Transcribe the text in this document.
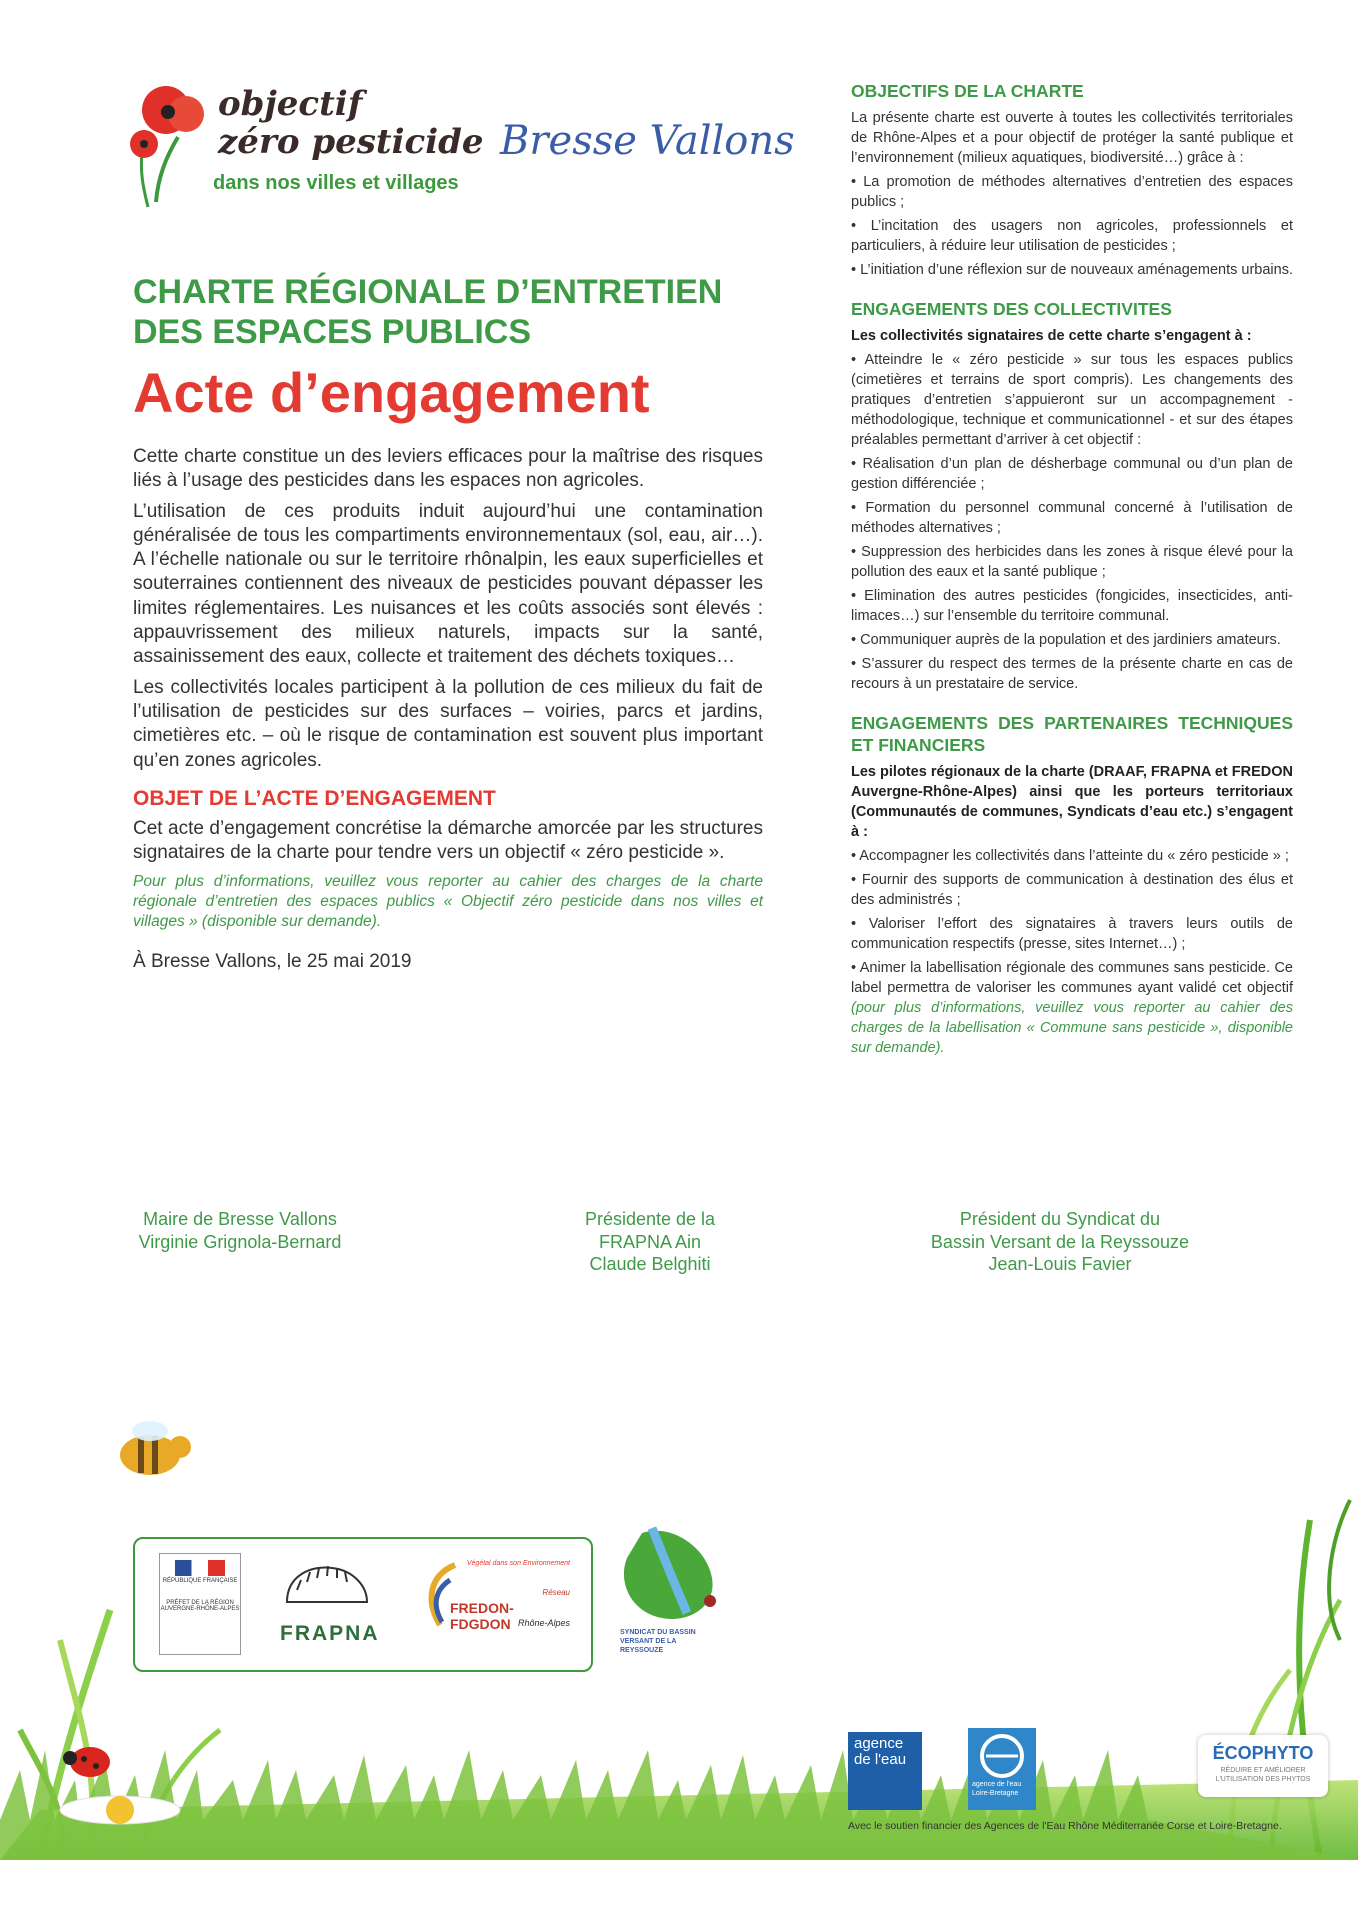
objectif
zéro pesticide
dans nos villes et villages
Bresse Vallons
CHARTE RÉGIONALE D’ENTRETIEN
DES ESPACES PUBLICS
Acte d’engagement

Cette charte constitue un des leviers efficaces pour la maîtrise des risques liés à l’usage des pesticides dans les espaces non agricoles.

L’utilisation de ces produits induit aujourd’hui une contamination généralisée de tous les compartiments environnementaux (sol, eau, air…). A l’échelle nationale ou sur le territoire rhônalpin, les eaux superficielles et souterraines contiennent des niveaux de pesticides pouvant dépasser les limites réglementaires. Les nuisances et les coûts associés sont élevés : appauvrissement des milieux naturels, impacts sur la santé, assainissement des eaux, collecte et traitement des déchets toxiques…

Les collectivités locales participent à la pollution de ces milieux du fait de l’utilisation de pesticides sur des surfaces – voiries, parcs et jardins, cimetières etc. – où le risque de contamination est souvent plus important qu’en zones agricoles.

OBJET DE L’ACTE D’ENGAGEMENT

Cet acte d’engagement concrétise la démarche amorcée par les structures signataires de la charte pour tendre vers un objectif « zéro pesticide ».

Pour plus d’informations, veuillez vous reporter au cahier des charges de la charte régionale d’entretien des espaces publics « Objectif zéro pesticide dans nos villes et villages » (disponible sur demande).

À Bresse Vallons, le 25 mai 2019

OBJECTIFS DE LA CHARTE

La présente charte est ouverte à toutes les collectivités territoriales de Rhône-Alpes et a pour objectif de protéger la santé publique et l’environnement (milieux aquatiques, biodiversité…) grâce à :

• La promotion de méthodes alternatives d’entretien des espaces publics ;

• L’incitation des usagers non agricoles, professionnels et particuliers, à réduire leur utilisation de pesticides ;

• L’initiation d’une réflexion sur de nouveaux aménagements urbains.

ENGAGEMENTS DES COLLECTIVITES

Les collectivités signataires de cette charte s’engagent à :

• Atteindre le « zéro pesticide » sur tous les espaces publics (cimetières et terrains de sport compris). Les changements des pratiques d’entretien s’appuieront sur un accompagnement - méthodologique, technique et communicationnel - et sur des étapes préalables permettant d’arriver à cet objectif :

• Réalisation d’un plan de désherbage communal ou d’un plan de gestion différenciée ;

• Formation du personnel communal concerné à l’utilisation de méthodes alternatives ;

• Suppression des herbicides dans les zones à risque élevé pour la pollution des eaux et la santé publique ;

• Elimination des autres pesticides (fongicides, insecticides, anti-limaces…) sur l’ensemble du territoire communal.

• Communiquer auprès de la population et des jardiniers amateurs.

• S’assurer du respect des termes de la présente charte en cas de recours à un prestataire de service.

ENGAGEMENTS DES PARTENAIRES TECHNIQUES ET FINANCIERS

Les pilotes régionaux de la charte (DRAAF, FRAPNA et FREDON Auvergne-Rhône-Alpes) ainsi que les porteurs territoriaux (Communautés de communes, Syndicats d’eau etc.) s’engagent à :

• Accompagner les collectivités dans l’atteinte du « zéro pesticide » ;

• Fournir des supports de communication à destination des élus et des administrés ;

• Valoriser l’effort des signataires à travers leurs outils de communication respectifs (presse, sites Internet…) ;

• Animer la labellisation régionale des communes sans pesticide. Ce label permettra de valoriser les communes ayant validé cet objectif (pour plus d’informations, veuillez vous reporter au cahier des charges de la labellisation « Commune sans pesticide », disponible sur demande).

Maire de Bresse Vallons
Virginie Grignola-Bernard
Présidente de la
FRAPNA Ain
Claude Belghiti
Président du Syndicat du
Bassin Versant de la Reyssouze
Jean-Louis Favier
RÉPUBLIQUE FRANÇAISE
PRÉFET DE LA RÉGION AUVERGNE-RHÔNE-ALPES
FRAPNA
Végétal dans son Environnement
Réseau
FREDON-FDGDON Rhône-Alpes
SYNDICAT DU BASSIN VERSANT DE LA REYSSOUZE
agence de l'eau
agence de l'eau Loire-Bretagne
ÉCOPHYTO
RÉDUIRE ET AMÉLIORER L'UTILISATION DES PHYTOS
Avec le soutien financier des Agences de l'Eau Rhône Méditerranée Corse et Loire-Bretagne.
